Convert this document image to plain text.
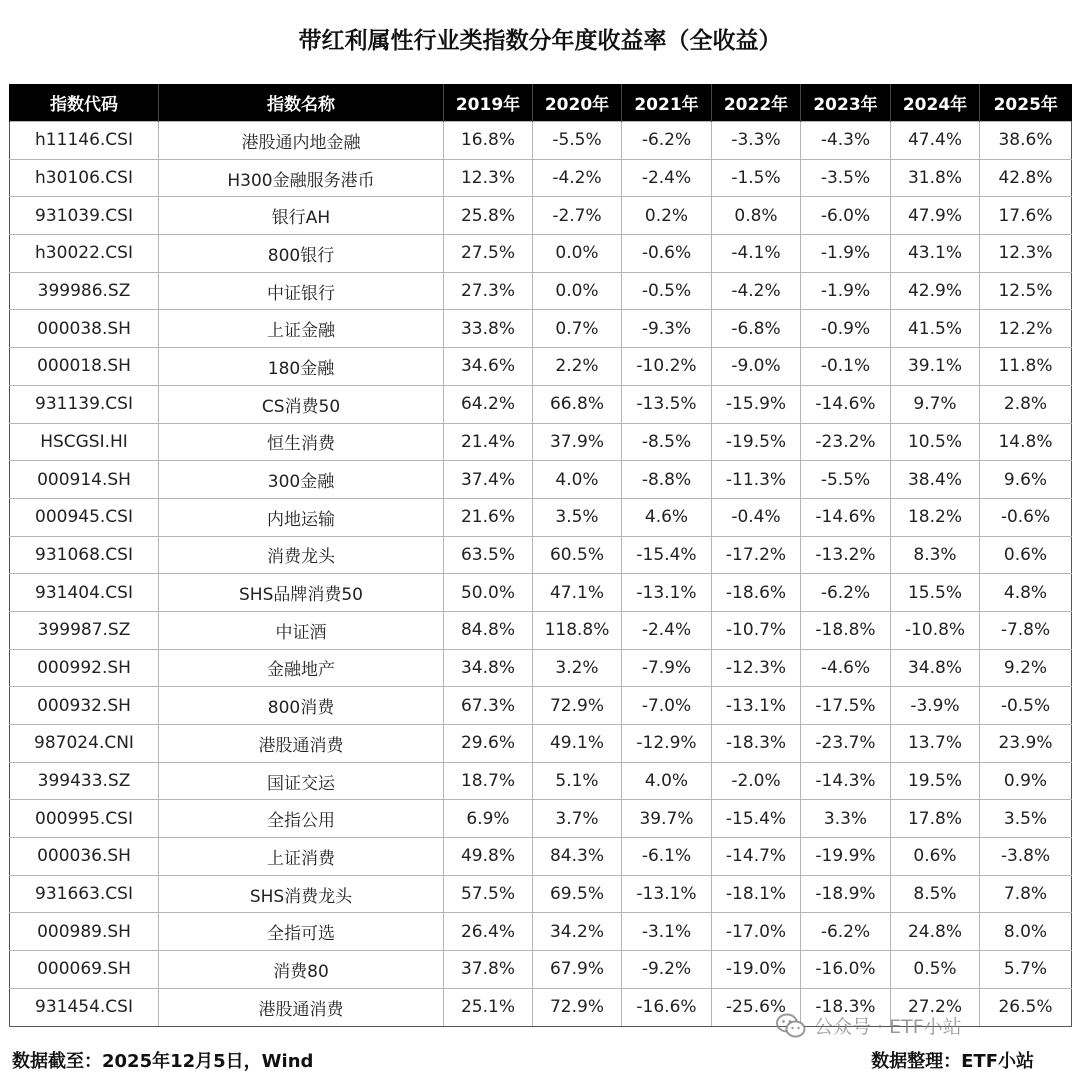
带红利属性行业类指数分年度收益率（全收益）
指数代码	指数名称	2019年	2020年	2021年	2022年	2023年	2024年	2025年
h11146.CSI	港股通内地金融	16.8%	-5.5%	-6.2%	-3.3%	-4.3%	47.4%	38.6%
h30106.CSI	H300金融服务港币	12.3%	-4.2%	-2.4%	-1.5%	-3.5%	31.8%	42.8%
931039.CSI	银行AH	25.8%	-2.7%	0.2%	0.8%	-6.0%	47.9%	17.6%
h30022.CSI	800银行	27.5%	0.0%	-0.6%	-4.1%	-1.9%	43.1%	12.3%
399986.SZ	中证银行	27.3%	0.0%	-0.5%	-4.2%	-1.9%	42.9%	12.5%
000038.SH	上证金融	33.8%	0.7%	-9.3%	-6.8%	-0.9%	41.5%	12.2%
000018.SH	180金融	34.6%	2.2%	-10.2%	-9.0%	-0.1%	39.1%	11.8%
931139.CSI	CS消费50	64.2%	66.8%	-13.5%	-15.9%	-14.6%	9.7%	2.8%
HSCGSI.HI	恒生消费	21.4%	37.9%	-8.5%	-19.5%	-23.2%	10.5%	14.8%
000914.SH	300金融	37.4%	4.0%	-8.8%	-11.3%	-5.5%	38.4%	9.6%
000945.CSI	内地运输	21.6%	3.5%	4.6%	-0.4%	-14.6%	18.2%	-0.6%
931068.CSI	消费龙头	63.5%	60.5%	-15.4%	-17.2%	-13.2%	8.3%	0.6%
931404.CSI	SHS品牌消费50	50.0%	47.1%	-13.1%	-18.6%	-6.2%	15.5%	4.8%
399987.SZ	中证酒	84.8%	118.8%	-2.4%	-10.7%	-18.8%	-10.8%	-7.8%
000992.SH	金融地产	34.8%	3.2%	-7.9%	-12.3%	-4.6%	34.8%	9.2%
000932.SH	800消费	67.3%	72.9%	-7.0%	-13.1%	-17.5%	-3.9%	-0.5%
987024.CNI	港股通消费	29.6%	49.1%	-12.9%	-18.3%	-23.7%	13.7%	23.9%
399433.SZ	国证交运	18.7%	5.1%	4.0%	-2.0%	-14.3%	19.5%	0.9%
000995.CSI	全指公用	6.9%	3.7%	39.7%	-15.4%	3.3%	17.8%	3.5%
000036.SH	上证消费	49.8%	84.3%	-6.1%	-14.7%	-19.9%	0.6%	-3.8%
931663.CSI	SHS消费龙头	57.5%	69.5%	-13.1%	-18.1%	-18.9%	8.5%	7.8%
000989.SH	全指可选	26.4%	34.2%	-3.1%	-17.0%	-6.2%	24.8%	8.0%
000069.SH	消费80	37.8%	67.9%	-9.2%	-19.0%	-16.0%	0.5%	5.7%
931454.CSI	港股通消费	25.1%	72.9%	-16.6%	-25.6%	-18.3%	27.2%	26.5%
公众号 · ETF小站
数据截至：2025年12月5日，Wind	数据整理：ETF小站
